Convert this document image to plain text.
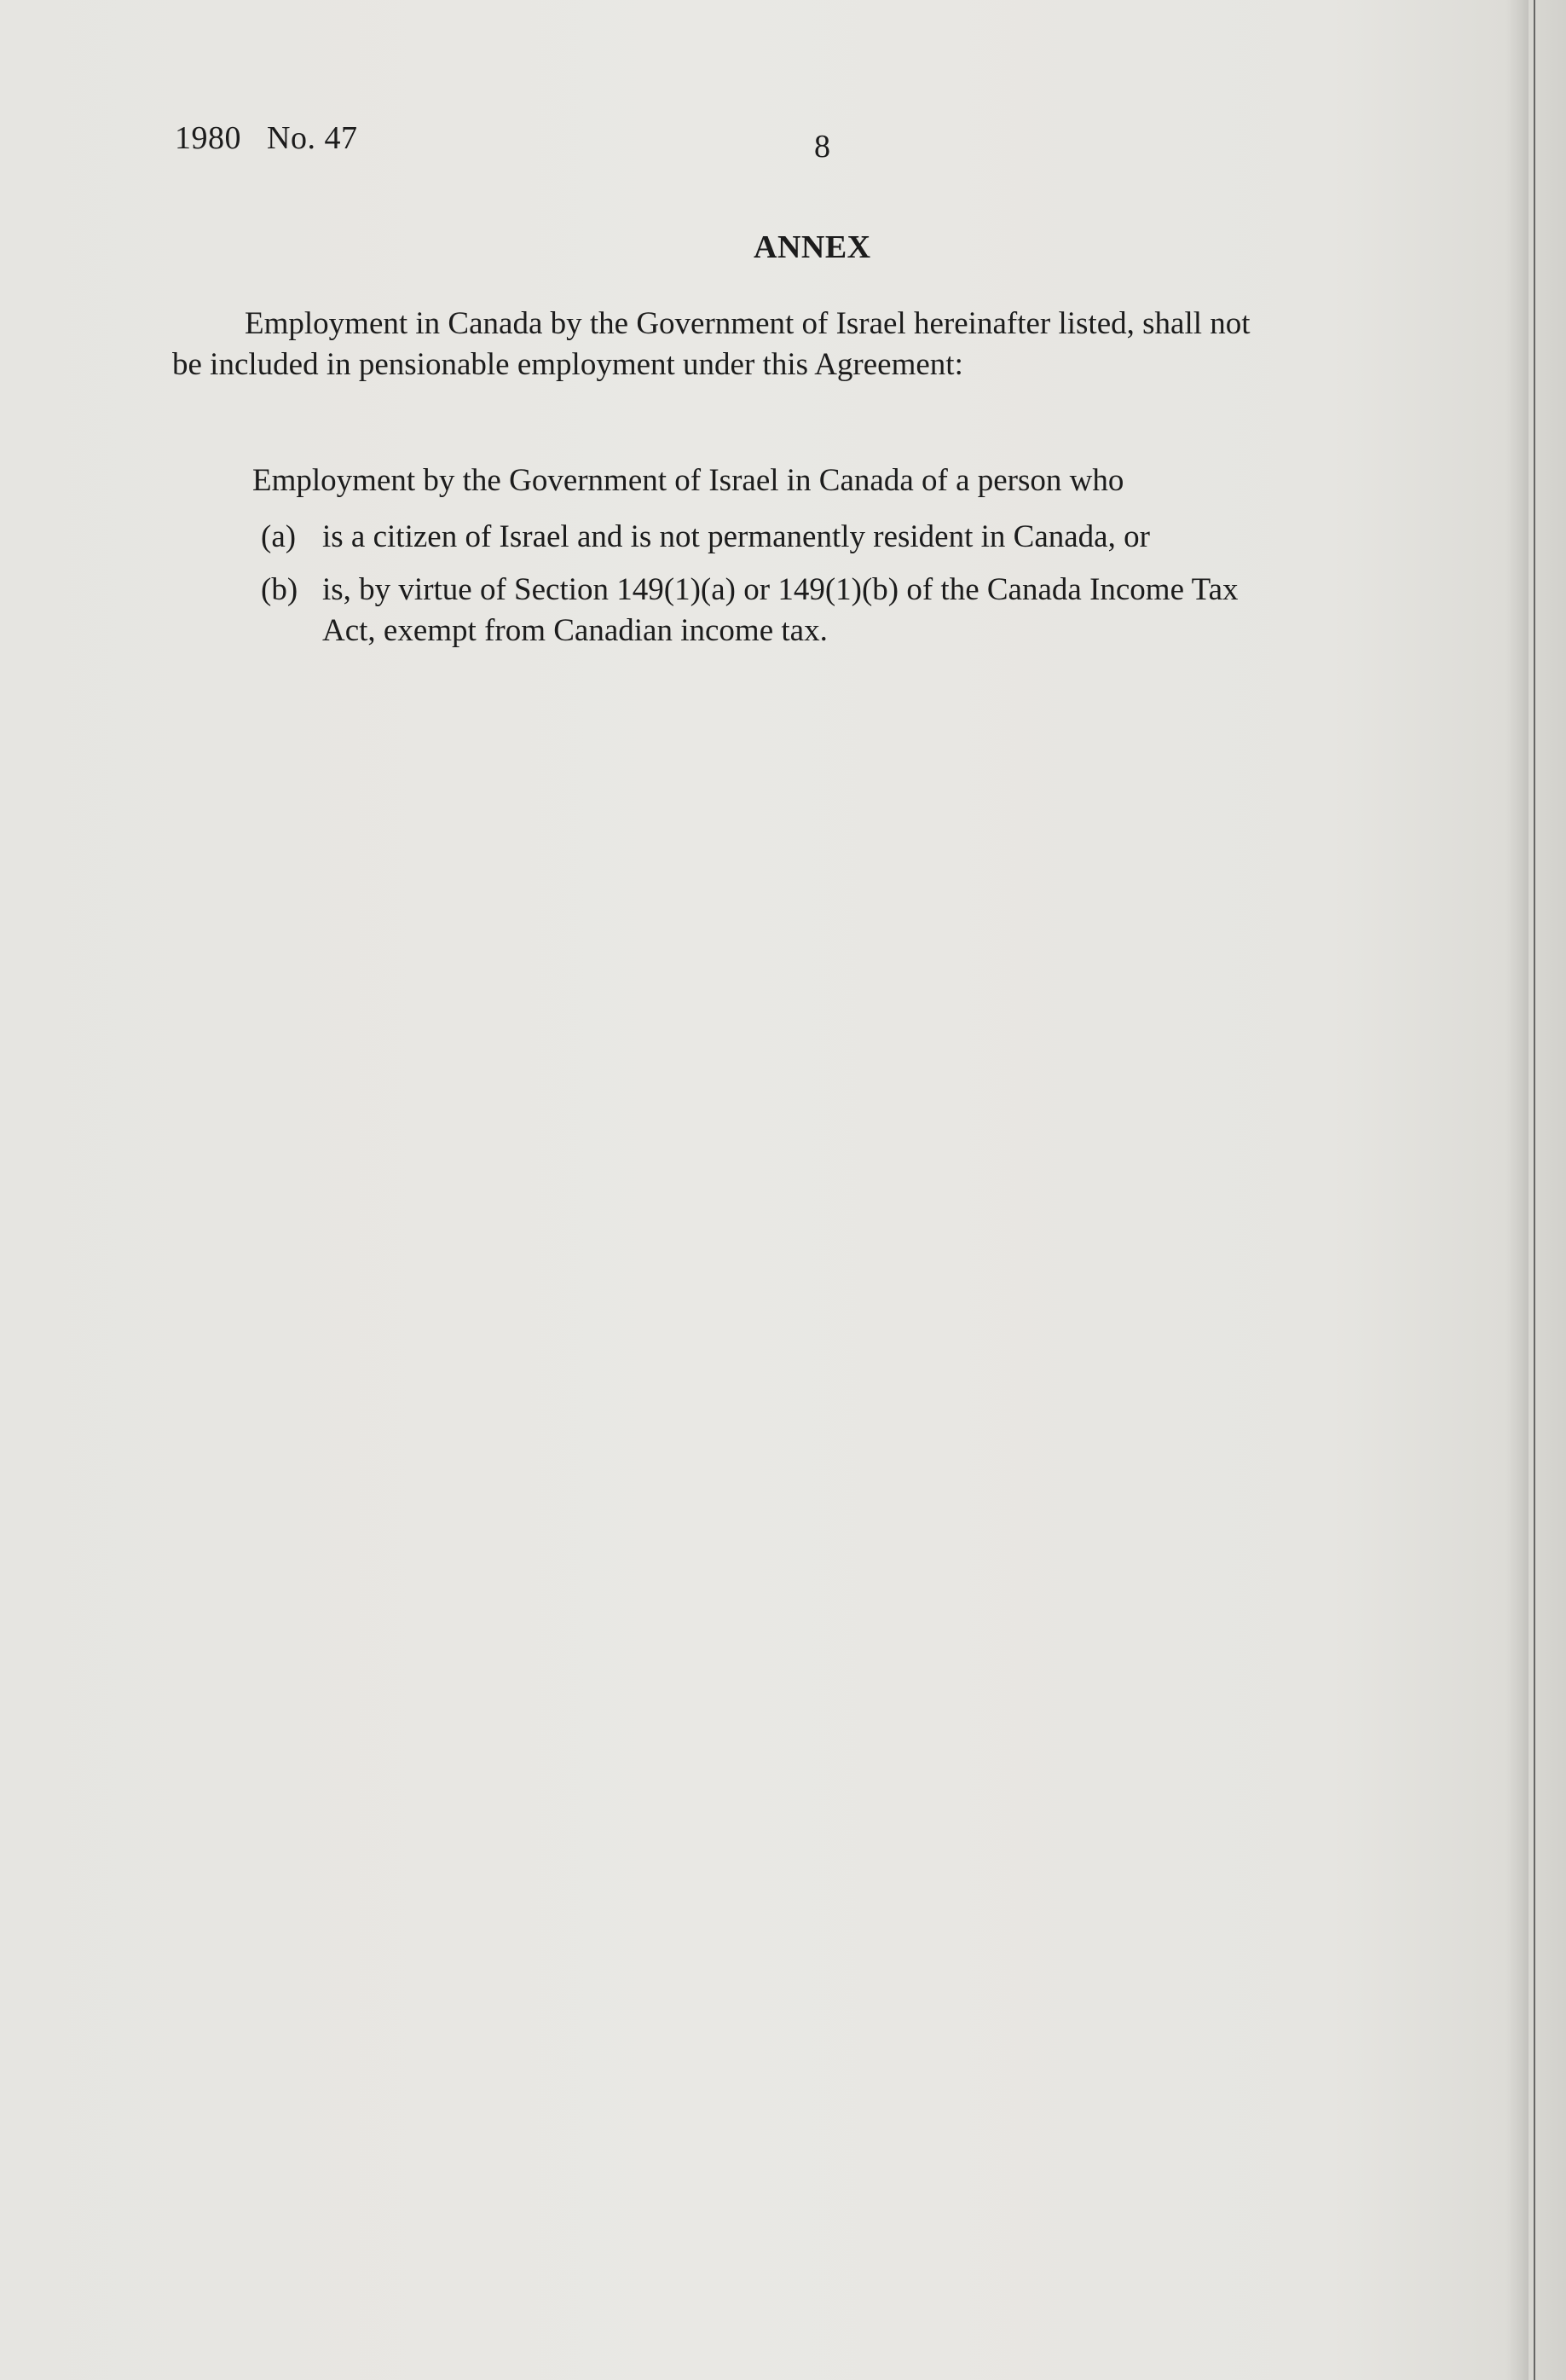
1980 No. 47	8
ANNEX
Employment in Canada by the Government of Israel hereinafter listed, shall not
be included in pensionable employment under this Agreement:
Employment by the Government of Israel in Canada of a person who
(a) is a citizen of Israel and is not permanently resident in Canada, or
(b) is, by virtue of Section 149(1)(a) or 149(1)(b) of the Canada Income Tax
Act, exempt from Canadian income tax.
